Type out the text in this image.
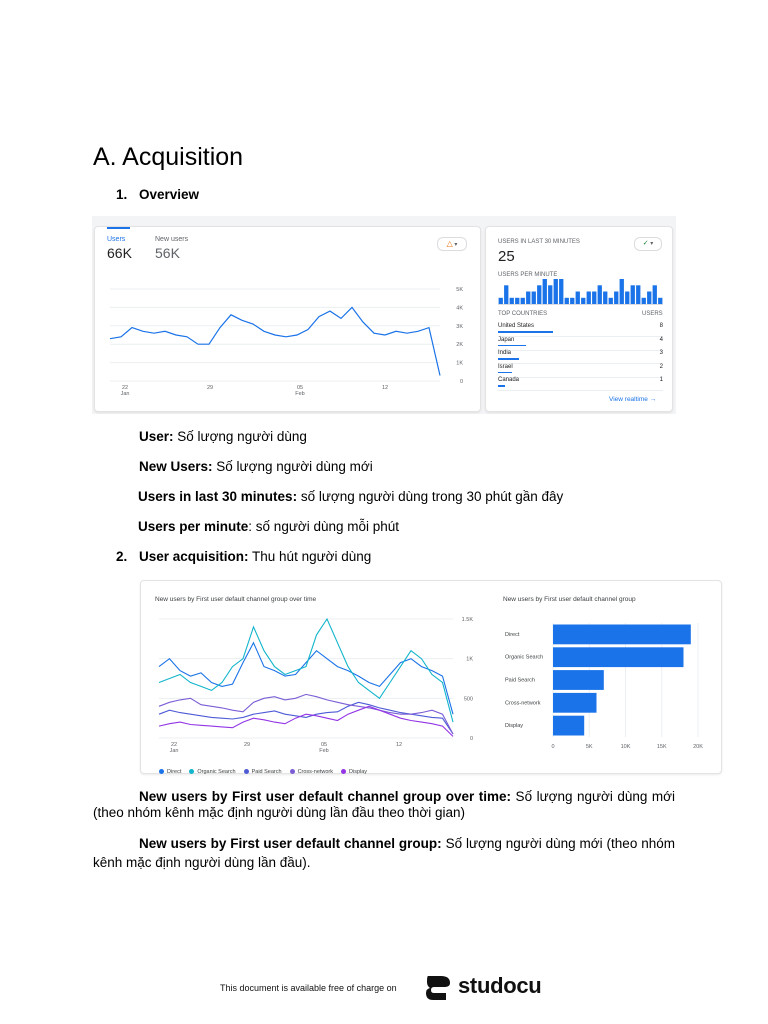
A. Acquisition
1. Overview
Users
66K
New users
56K
△ ▾
5K
4K
3K
2K
1K
0
22
Jan
29	05
Feb
12
USERS IN LAST 30 MINUTES
25
✓ ▾
USERS PER MINUTE
TOP COUNTRIES	USERS
United States	8
Japan	4
India	3
Israel	2
Canada	1
View realtime →
User: Số lượng người dùng
New Users: Số lượng người dùng mới
Users in last 30 minutes: số lượng người dùng trong 30 phút gần đây
Users per minute: số người dùng mỗi phút
2. User acquisition: Thu hút người dùng
New users by First user default channel group over time
1.5K
1K
500
0
22
Jan
29	05
Feb
12
Direct	Organic Search	Paid Search	Cross-network	Display
New users by First user default channel group
Direct
Organic Search
Paid Search
Cross-network
Display
0	5K	10K	15K	20K
New users by First user default channel group over time: Số lượng người dùng mới (theo nhóm kênh mặc định người dùng lần đầu theo thời gian)
New users by First user default channel group: Số lượng người dùng mới (theo nhóm kênh mặc định người dùng lần đầu).
This document is available free of charge on	studocu
